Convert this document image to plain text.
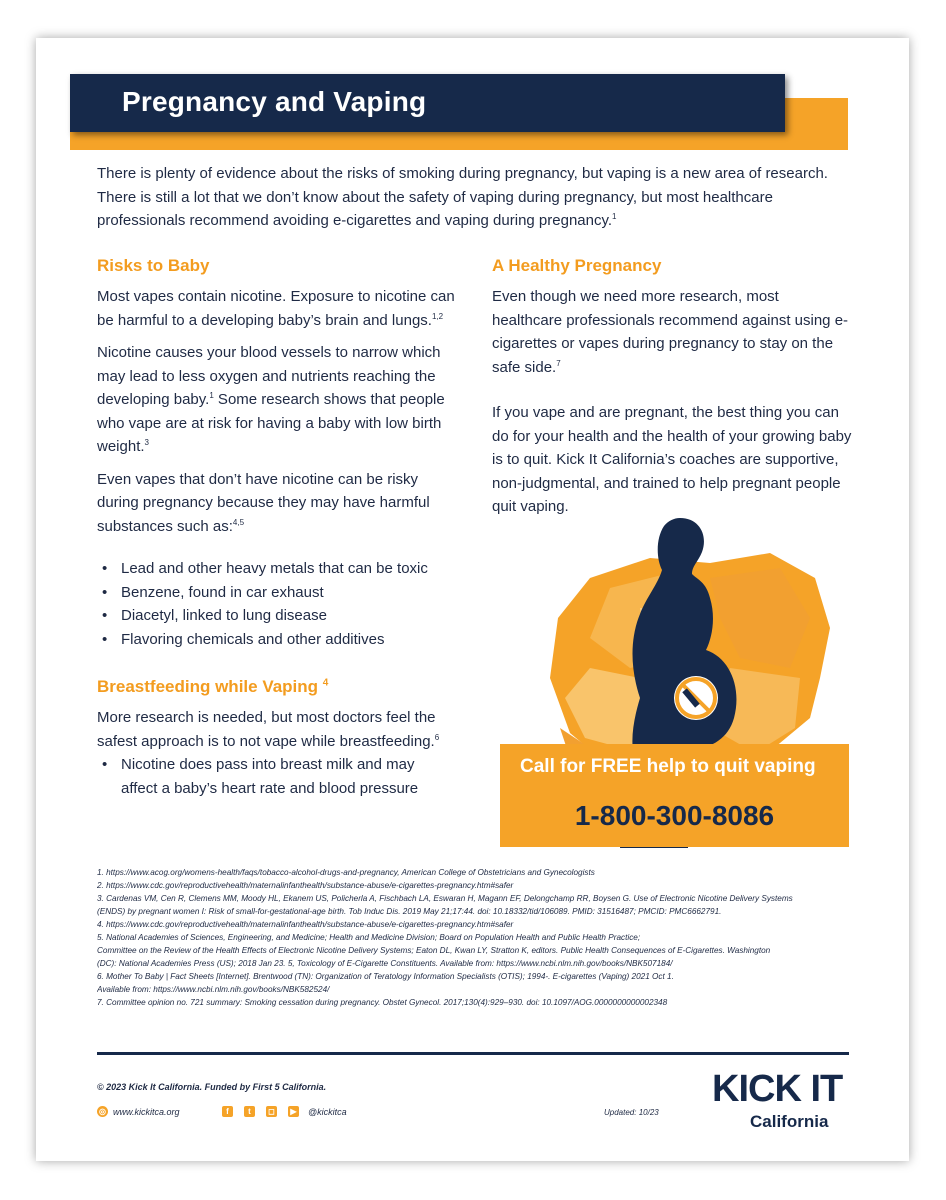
Pregnancy and Vaping
There is plenty of evidence about the risks of smoking during pregnancy, but vaping is a new area of research. There is still a lot that we don’t know about the safety of vaping during pregnancy, but most healthcare professionals recommend avoiding e-cigarettes and vaping during pregnancy.$^1$
Risks to Baby

Most vapes contain nicotine. Exposure to nicotine can be harmful to a developing baby’s brain and lungs.$^{1,2}$

Nicotine causes your blood vessels to narrow which may lead to less oxygen and nutrients reaching the developing baby.$^1$ Some research shows that people who vape are at risk for having a baby with low birth weight.$^3$

Even vapes that don’t have nicotine can be risky during pregnancy because they may have harmful substances such as:$^{4,5}$

• Lead and other heavy metals that can be toxic
• Benzene, found in car exhaust
• Diacetyl, linked to lung disease
• Flavoring chemicals and other additives
Breastfeeding while Vaping $^4$
More research is needed, but most doctors feel the safest approach is to not vape while breastfeeding.$^6$
• Nicotine does pass into breast milk and may affect a baby’s heart rate and blood pressure
A Healthy Pregnancy

Even though we need more research, most healthcare professionals recommend against using e-cigarettes or vapes during pregnancy to stay on the safe side.$^7$

If you vape and are pregnant, the best thing you can do for your health and the health of your growing baby is to quit. Kick It California’s coaches are supportive, non-judgmental, and trained to help pregnant people quit vaping.

Call for FREE help to quit vaping
1-800-300-8086
1. https://www.acog.org/womens-health/faqs/tobacco-alcohol-drugs-and-pregnancy, American College of Obstetricians and Gynecologists
2. https://www.cdc.gov/reproductivehealth/maternalinfanthealth/substance-abuse/e-cigarettes-pregnancy.htm#safer
3. Cardenas VM, Cen R, Clemens MM, Moody HL, Ekanem US, Policherla A, Fischbach LA, Eswaran H, Magann EF, Delongchamp RR, Boysen G. Use of Electronic Nicotine Delivery Systems
(ENDS) by pregnant women I: Risk of small-for-gestational-age birth. Tob Induc Dis. 2019 May 21;17:44. doi: 10.18332/tid/106089. PMID: 31516487; PMCID: PMC6662791.
4. https://www.cdc.gov/reproductivehealth/maternalinfanthealth/substance-abuse/e-cigarettes-pregnancy.htm#safer
5. National Academies of Sciences, Engineering, and Medicine; Health and Medicine Division; Board on Population Health and Public Health Practice;
Committee on the Review of the Health Effects of Electronic Nicotine Delivery Systems; Eaton DL, Kwan LY, Stratton K, editors. Public Health Consequences of E-Cigarettes. Washington
(DC): National Academies Press (US); 2018 Jan 23. 5, Toxicology of E-Cigarette Constituents. Available from: https://www.ncbi.nlm.nih.gov/books/NBK507184/
6. Mother To Baby | Fact Sheets [Internet]. Brentwood (TN): Organization of Teratology Information Specialists (OTIS); 1994-. E-cigarettes (Vaping) 2021 Oct 1.
Available from: https://www.ncbi.nlm.nih.gov/books/NBK582524/
7. Committee opinion no. 721 summary: Smoking cessation during pregnancy. Obstet Gynecol. 2017;130(4):929–930. doi: 10.1097/AOG.0000000000002348
© 2023 Kick It California. Funded by First 5 California.
◎ www.kickitca.org	f	t	◻	▶ @kickitca	Updated: 10/23
KICK IT
California
